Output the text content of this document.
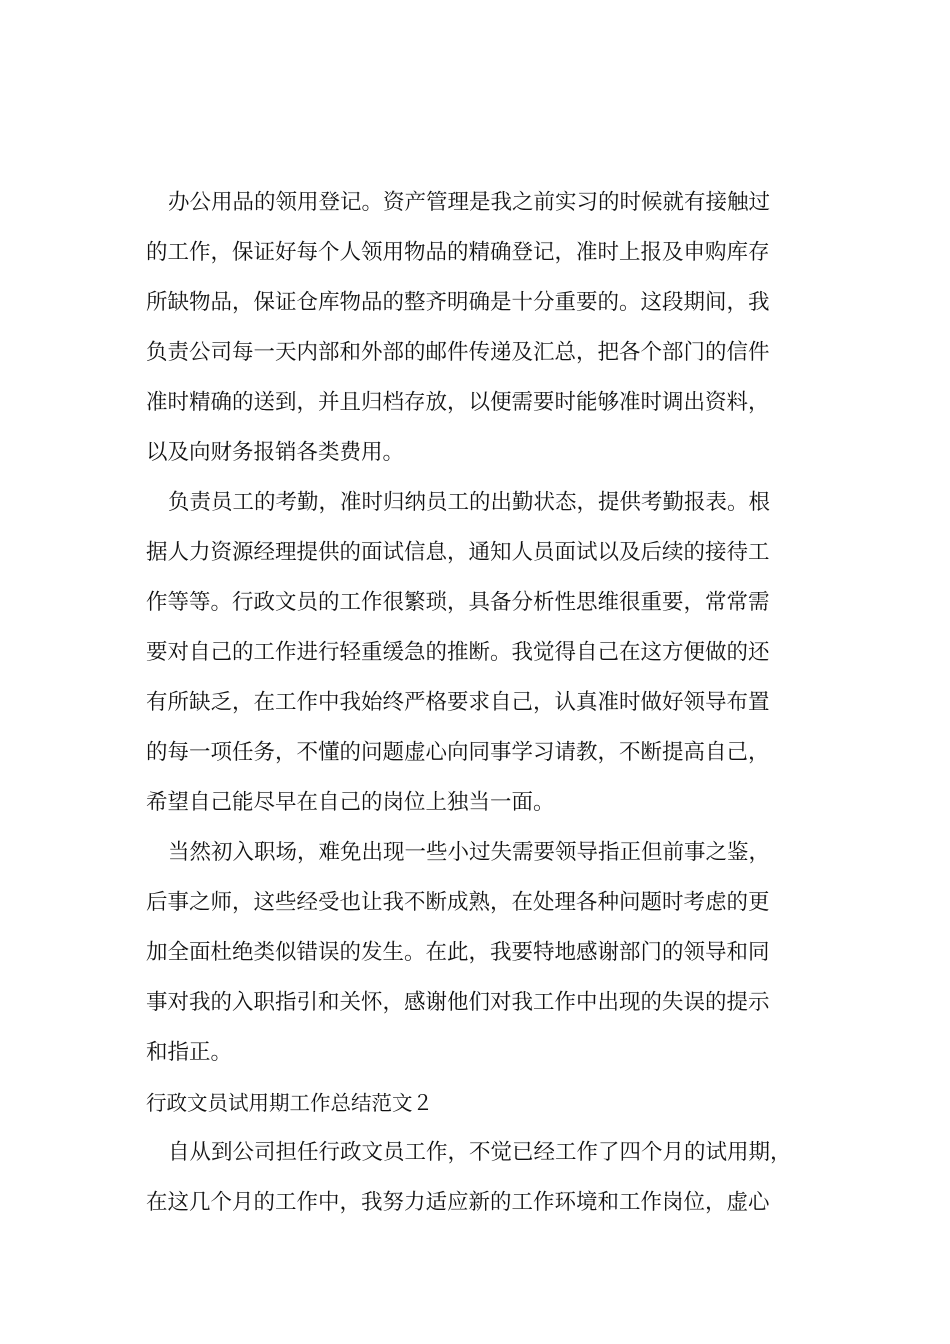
办公用品的领用登记。资产管理是我之前实习的时候就有接触过
的工作，保证好每个人领用物品的精确登记，准时上报及申购库存
所缺物品，保证仓库物品的整齐明确是十分重要的。这段期间，我
负责公司每一天内部和外部的邮件传递及汇总，把各个部门的信件
准时精确的送到，并且归档存放，以便需要时能够准时调出资料，
以及向财务报销各类费用。
负责员工的考勤，准时归纳员工的出勤状态，提供考勤报表。根
据人力资源经理提供的面试信息，通知人员面试以及后续的接待工
作等等。行政文员的工作很繁琐，具备分析性思维很重要，常常需
要对自己的工作进行轻重缓急的推断。我觉得自己在这方便做的还
有所缺乏，在工作中我始终严格要求自己，认真准时做好领导布置
的每一项任务，不懂的问题虚心向同事学习请教，不断提高自己，
希望自己能尽早在自己的岗位上独当一面。
当然初入职场，难免出现一些小过失需要领导指正但前事之鉴，
后事之师，这些经受也让我不断成熟，在处理各种问题时考虑的更
加全面杜绝类似错误的发生。在此，我要特地感谢部门的领导和同
事对我的入职指引和关怀，感谢他们对我工作中出现的失误的提示
和指正。
行政文员试用期工作总结范文２
自从到公司担任行政文员工作，不觉已经工作了四个月的试用期，
在这几个月的工作中，我努力适应新的工作环境和工作岗位，虚心
